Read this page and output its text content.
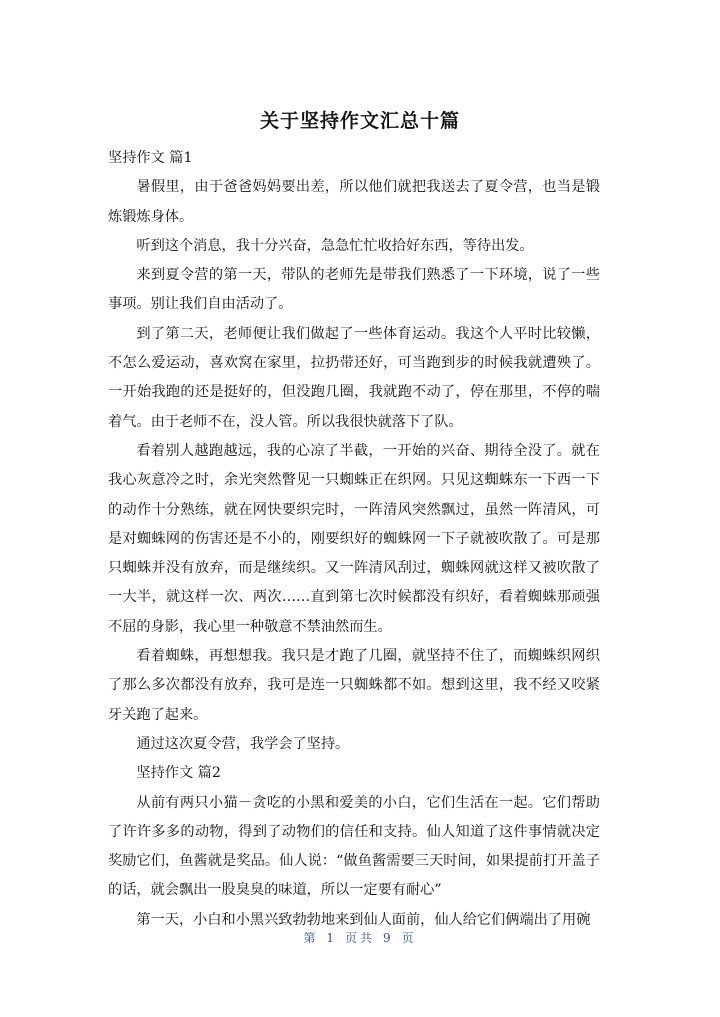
关于坚持作文汇总十篇

坚持作文 篇1

暑假里，由于爸爸妈妈要出差，所以他们就把我送去了夏令营，也当是锻炼锻炼身体。

听到这个消息，我十分兴奋，急急忙忙收拾好东西，等待出发。

来到夏令营的第一天，带队的老师先是带我们熟悉了一下环境，说了一些事项。别让我们自由活动了。

到了第二天，老师便让我们做起了一些体育运动。我这个人平时比较懒，不怎么爱运动，喜欢窝在家里，拉扔带还好，可当跑到步的时候我就遭殃了。一开始我跑的还是挺好的，但没跑几圈，我就跑不动了，停在那里，不停的喘着气。由于老师不在，没人管。所以我很快就落下了队。

看着别人越跑越远，我的心凉了半截，一开始的兴奋、期待全没了。就在我心灰意冷之时，余光突然瞥见一只蜘蛛正在织网。只见这蜘蛛东一下西一下的动作十分熟练，就在网快要织完时，一阵清风突然飘过，虽然一阵清风，可是对蜘蛛网的伤害还是不小的，刚要织好的蜘蛛网一下子就被吹散了。可是那只蜘蛛并没有放弃，而是继续织。又一阵清风刮过，蜘蛛网就这样又被吹散了一大半，就这样一次、两次……直到第七次时候都没有织好，看着蜘蛛那顽强不屈的身影，我心里一种敬意不禁油然而生。

看着蜘蛛，再想想我。我只是才跑了几圈，就坚持不住了，而蜘蛛织网织了那么多次都没有放弃，我可是连一只蜘蛛都不如。想到这里，我不经又咬紧牙关跑了起来。

通过这次夏令营，我学会了坚持。

坚持作文 篇2

从前有两只小猫－贪吃的小黑和爱美的小白，它们生活在一起。它们帮助了许许多多的动物，得到了动物们的信任和支持。仙人知道了这件事情就决定奖励它们，鱼酱就是奖品。仙人说：“做鱼酱需要三天时间，如果提前打开盖子的话，就会飘出一股臭臭的味道，所以一定要有耐心”

第一天，小白和小黑兴致勃勃地来到仙人面前，仙人给它们俩端出了用碗

第 1 页共 9 页
